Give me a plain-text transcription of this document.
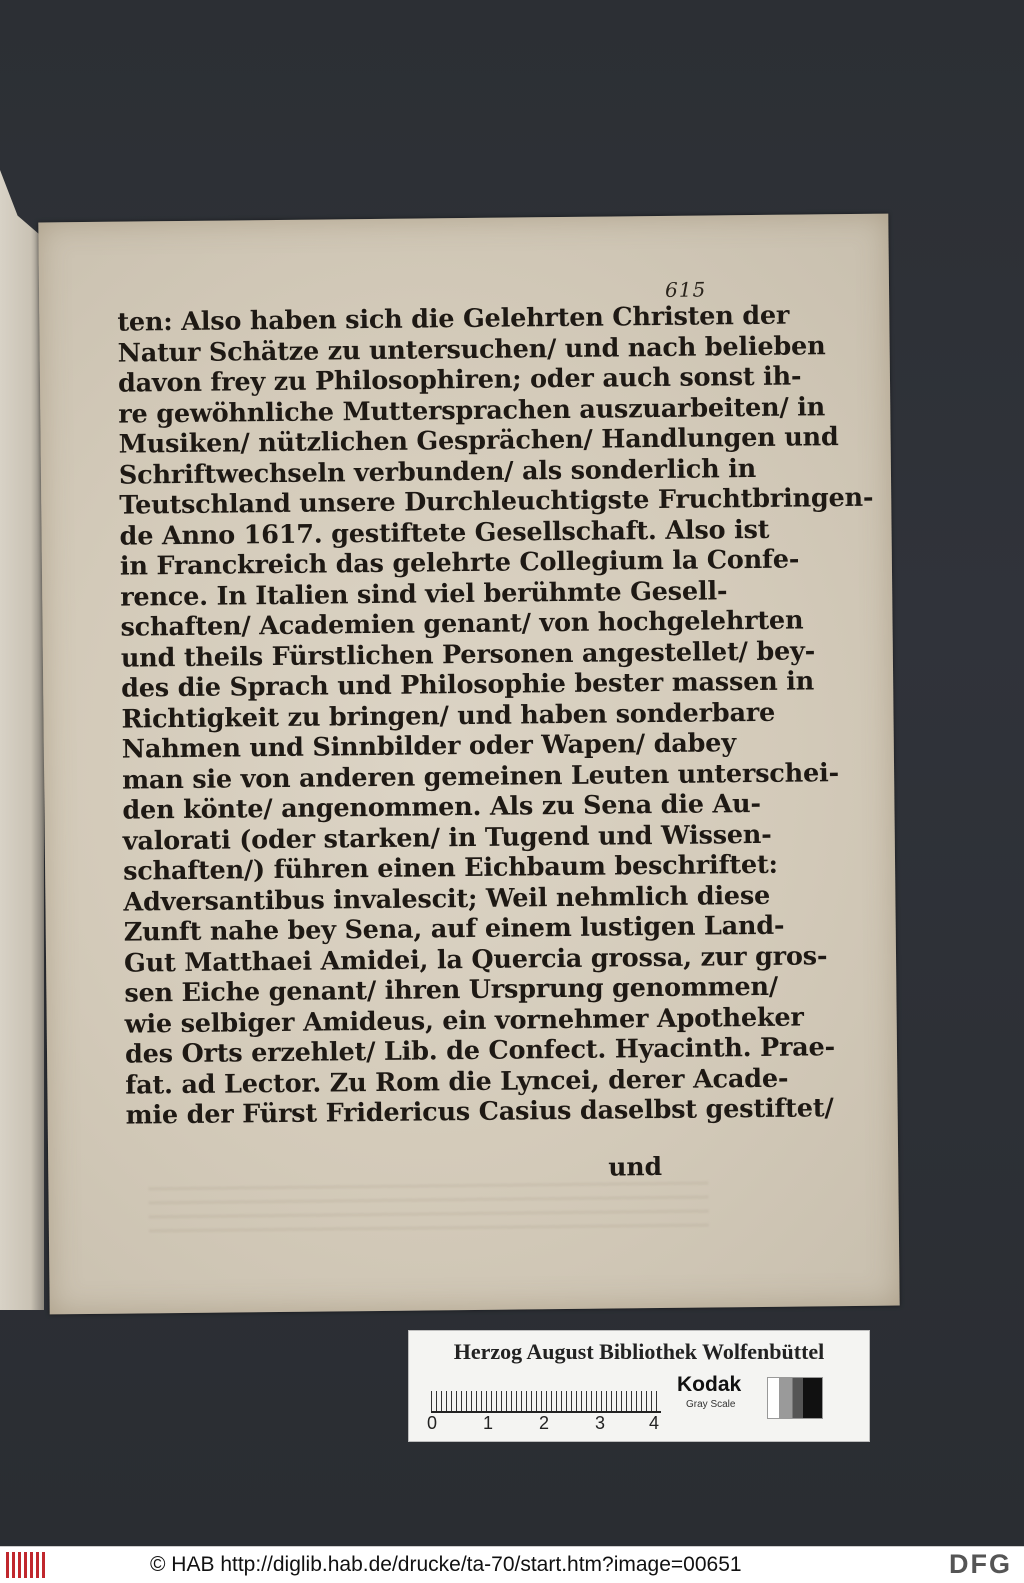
615
ten: Also haben sich die Gelehrten Christen der
Natur Schätze zu untersuchen/ und nach belieben
davon frey zu Philosophiren; oder auch sonst ih-
re gewöhnliche Muttersprachen auszuarbeiten/ in
Musiken/ nützlichen Gesprächen/ Handlungen und
Schriftwechseln verbunden/ als sonderlich in
Teutschland unsere Durchleuchtigste Fruchtbringen-
de Anno 1617. gestiftete Gesellschaft. Also ist
in Franckreich das gelehrte Collegium la Confe-
rence. In Italien sind viel berühmte Gesell-
schaften/ Academien genant/ von hochgelehrten
und theils Fürstlichen Personen angestellet/ bey-
des die Sprach und Philosophie bester massen in
Richtigkeit zu bringen/ und haben sonderbare
Nahmen und Sinnbilder oder Wapen/ dabey
man sie von anderen gemeinen Leuten unterschei-
den könte/ angenommen. Als zu Sena die Au-
valorati (oder starken/ in Tugend und Wissen-
schaften/) führen einen Eichbaum beschriftet:
Adversantibus invalescit; Weil nehmlich diese
Zunft nahe bey Sena, auf einem lustigen Land-
Gut Matthaei Amidei, la Quercia grossa, zur gros-
sen Eiche genant/ ihren Ursprung genommen/
wie selbiger Amideus, ein vornehmer Apotheker
des Orts erzehlet/ Lib. de Confect. Hyacinth. Prae-
fat. ad Lector. Zu Rom die Lyncei, derer Acade-
mie der Fürst Fridericus Casius daselbst gestiftet/
und
Herzog August Bibliothek Wolfenbüttel
0	1	2	3 4
Kodak
Gray Scale
© HAB http://diglib.hab.de/drucke/ta-70/start.htm?image=00651	DFG
